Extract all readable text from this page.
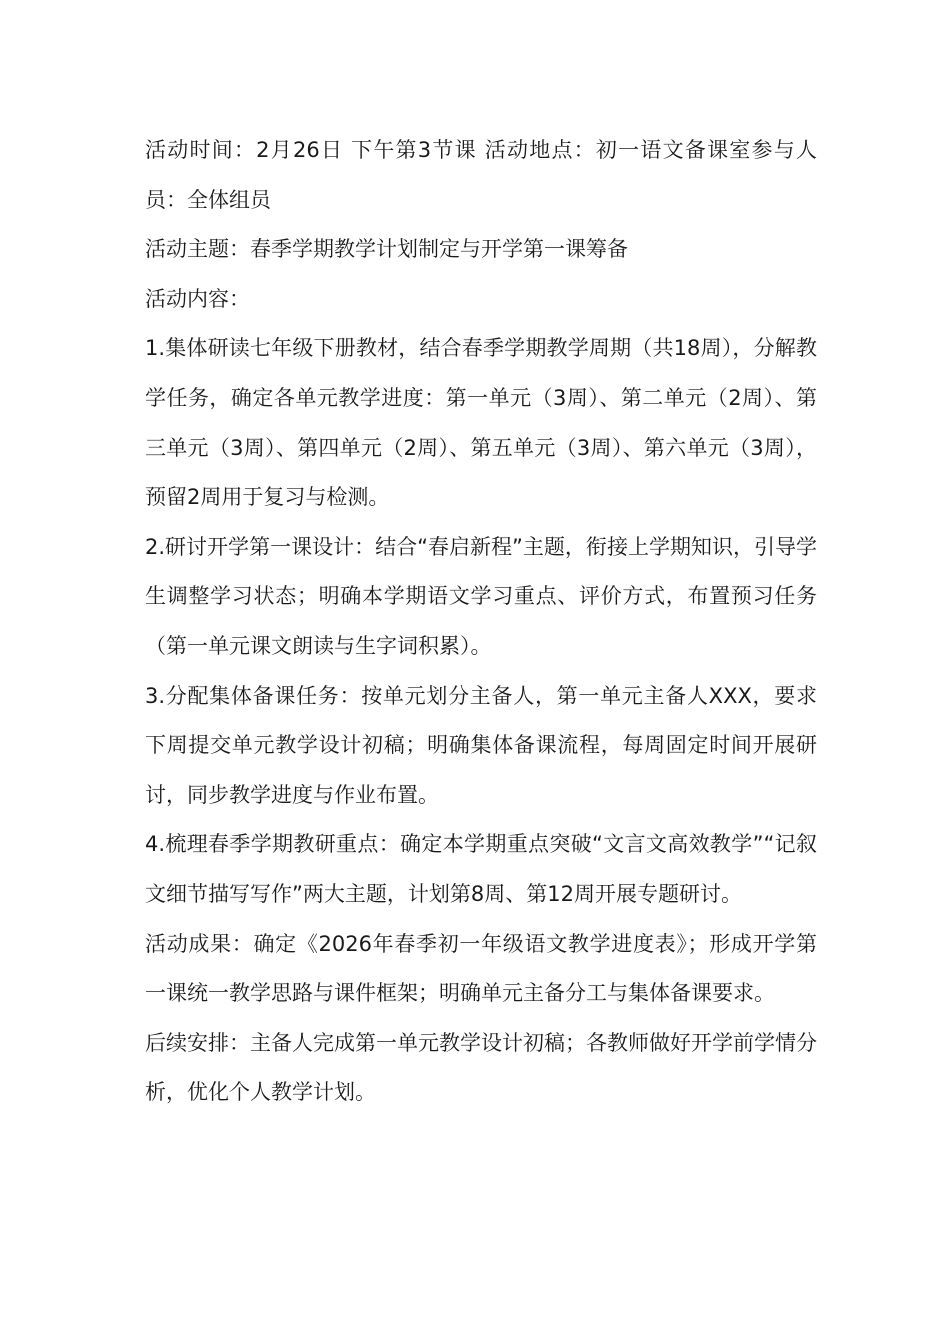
活动时间：2月26日 下午第3节课 活动地点：初一语文备课室参与人员：全体组员

活动主题：春季学期教学计划制定与开学第一课筹备

活动内容：

1.集体研读七年级下册教材，结合春季学期教学周期（共18周），分解教学任务，确定各单元教学进度：第一单元（3周）、第二单元（2周）、第三单元（3周）、第四单元（2周）、第五单元（3周）、第六单元（3周），预留2周用于复习与检测。

2.研讨开学第一课设计：结合“春启新程”主题，衔接上学期知识，引导学生调整学习状态；明确本学期语文学习重点、评价方式，布置预习任务（第一单元课文朗读与生字词积累）。

3.分配集体备课任务：按单元划分主备人，第一单元主备人XXX，要求下周提交单元教学设计初稿；明确集体备课流程，每周固定时间开展研讨，同步教学进度与作业布置。

4.梳理春季学期教研重点：确定本学期重点突破“文言文高效教学”“记叙文细节描写写作”两大主题，计划第8周、第12周开展专题研讨。

活动成果：确定《2026年春季初一年级语文教学进度表》；形成开学第一课统一教学思路与课件框架；明确单元主备分工与集体备课要求。

后续安排：主备人完成第一单元教学设计初稿；各教师做好开学前学情分析，优化个人教学计划。
